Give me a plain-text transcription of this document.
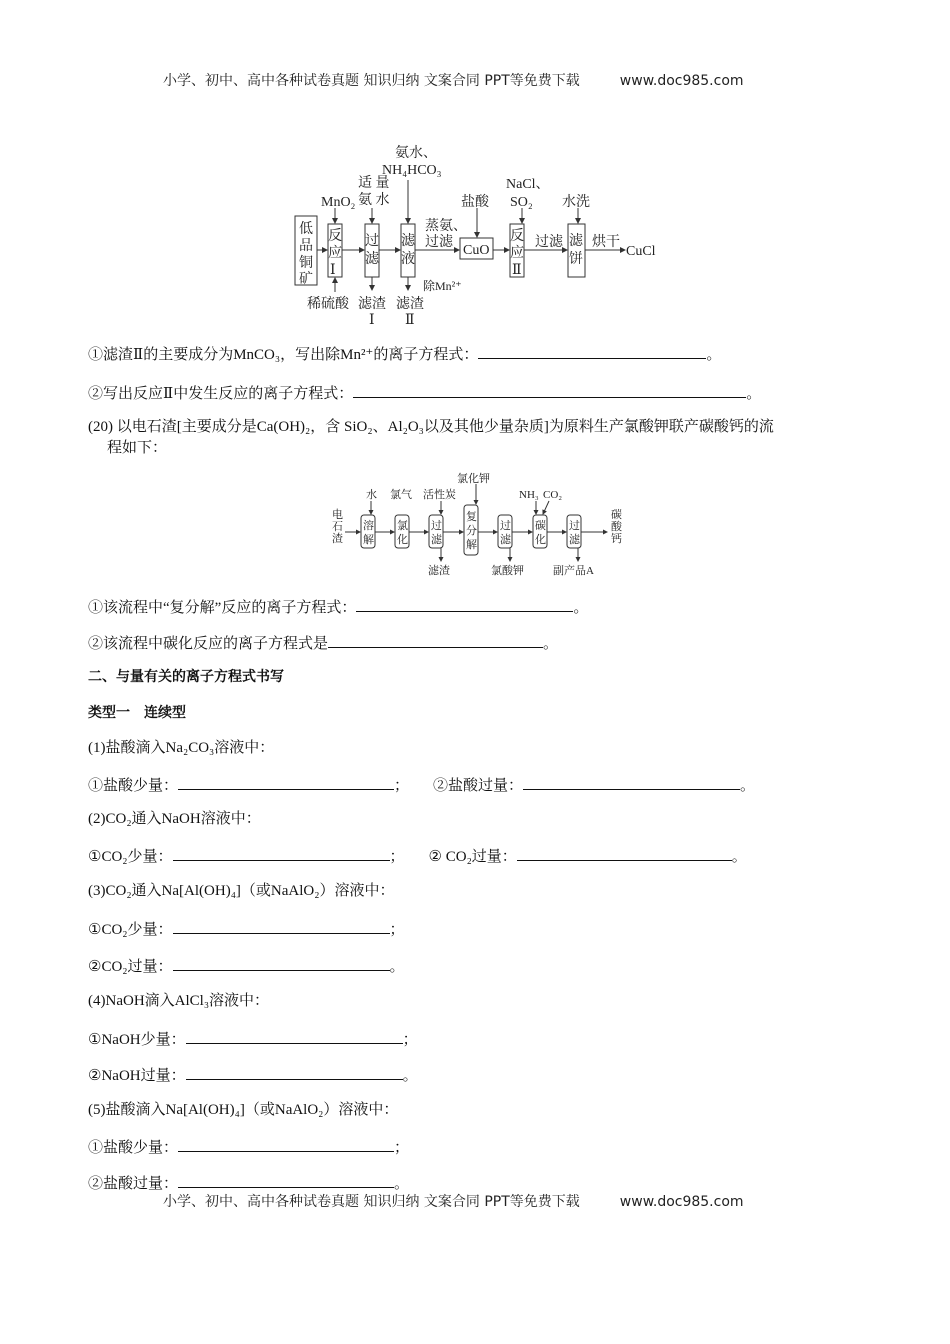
小学、初中、高中各种试卷真题 知识归纳 文案合同 PPT等免费下载	www.doc985.com
低
品
铜
矿
反
应
Ⅰ
过
滤
滤
液
CuO
反
应
Ⅱ
滤
饼
MnO₂
适 量
氨 水
氨水、
NH₄HCO₃
盐酸
NaCl、
SO₂ 水洗
蒸氨、
过滤	过滤 烘干
CuCl
稀硫酸 滤渣
Ⅰ
滤渣
Ⅱ
除Mn²⁺
①滤渣Ⅱ的主要成分为MnCO₃，写出除Mn²⁺的离子方程式：	。
②写出反应Ⅱ中发生反应的离子方程式：	。
(20) 以电石渣[主要成分是Ca(OH)₂，含 SiO₂、Al₂O₃以及其他少量杂质]为原料生产氯酸钾联产碳酸钙的流
程如下：
电
石
渣
溶
解
氯
化
过
滤
复
分
解
过
滤
碳
化
过
滤
碳
酸
钙
水 氯气 活性炭
氯化钾
NH₃ CO₂
滤渣	氯酸钾	副产品A
①该流程中“复分解”反应的离子方程式：	。
②该流程中碳化反应的离子方程式是	。
二、与量有关的离子方程式书写
类型一　连续型
(1)盐酸滴入Na₂CO₃溶液中：
①盐酸少量：	； ②盐酸过量：	。
(2)CO₂通入NaOH溶液中：
①CO₂少量：	； ② CO₂过量：	。
(3)CO₂通入Na[Al(OH)₄]（或NaAlO₂）溶液中：
①CO₂少量：	；
②CO₂过量：	。
(4)NaOH滴入AlCl₃溶液中：
①NaOH少量：	；
②NaOH过量：	。
(5)盐酸滴入Na[Al(OH)₄]（或NaAlO₂）溶液中：
①盐酸少量：	；
②盐酸过量：	。
小学、初中、高中各种试卷真题 知识归纳 文案合同 PPT等免费下载	www.doc985.com
